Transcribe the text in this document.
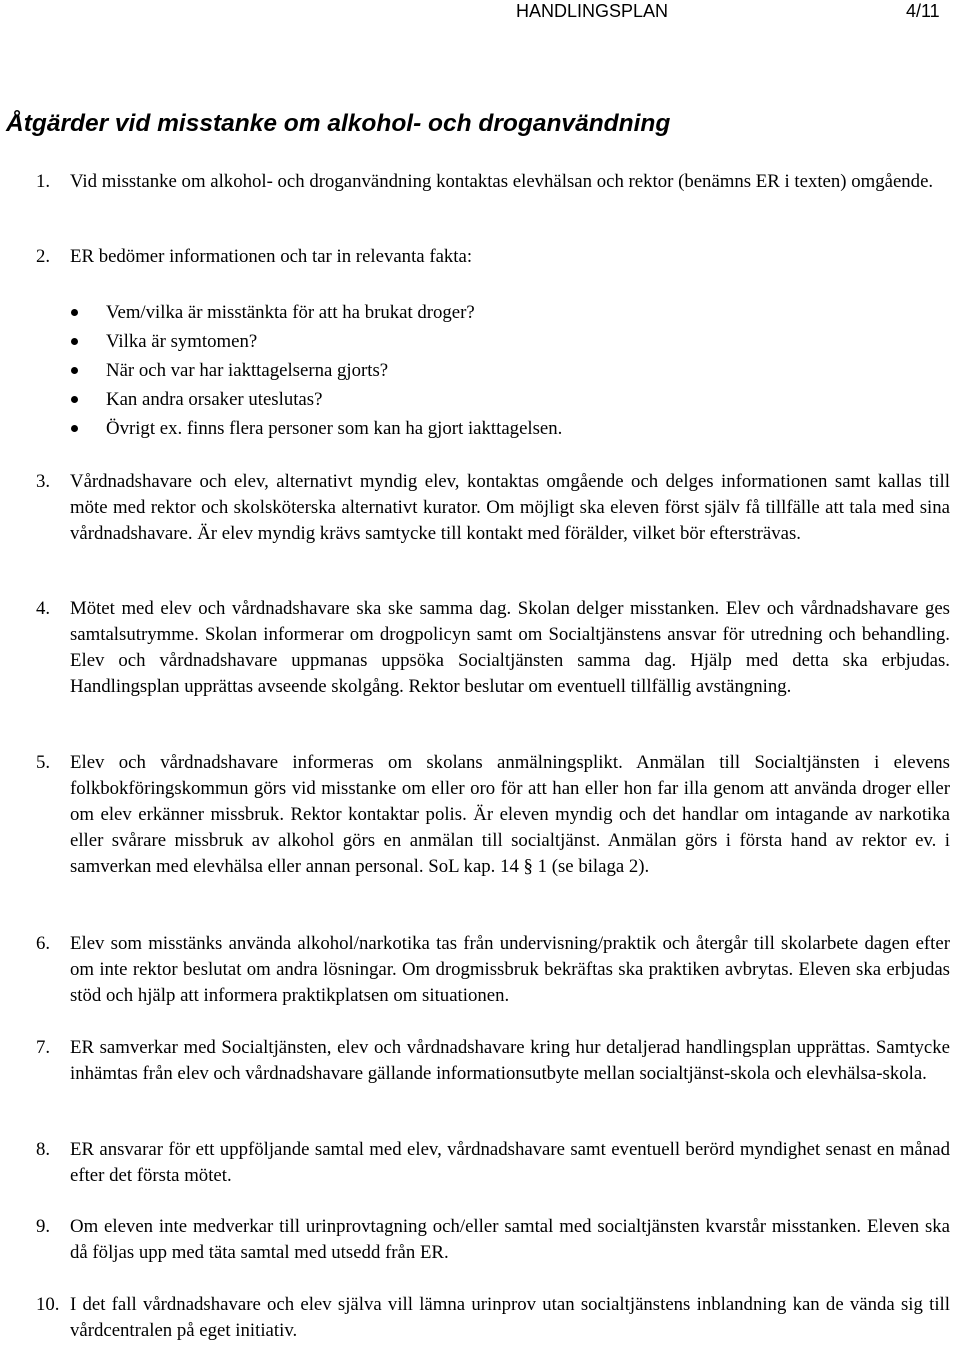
HANDLINGSPLAN	4/11
Åtgärder vid misstanke om alkohol- och droganvändning
1. Vid misstanke om alkohol- och droganvändning kontaktas elevhälsan och rektor (benämns ER i texten) omgående.
2. ER bedömer informationen och tar in relevanta fakta:
Vem/vilka är misstänkta för att ha brukat droger?
Vilka är symtomen?
När och var har iakttagelserna gjorts?
Kan andra orsaker uteslutas?
Övrigt ex. finns flera personer som kan ha gjort iakttagelsen.
3. Vårdnadshavare och elev, alternativt myndig elev, kontaktas omgående och delges informationen samt kallas till möte med rektor och skolsköterska alternativt kurator. Om möjligt ska eleven först själv få tillfälle att tala med sina vårdnadshavare. Är elev myndig krävs samtycke till kontakt med förälder, vilket bör eftersträvas.
4. Mötet med elev och vårdnadshavare ska ske samma dag. Skolan delger misstanken. Elev och vårdnadshavare ges samtalsutrymme. Skolan informerar om drogpolicyn samt om Socialtjänstens ansvar för utredning och behandling. Elev och vårdnadshavare uppmanas uppsöka Socialtjänsten samma dag. Hjälp med detta ska erbjudas. Handlingsplan upprättas avseende skolgång. Rektor beslutar om eventuell tillfällig avstängning.
5. Elev och vårdnadshavare informeras om skolans anmälningsplikt. Anmälan till Socialtjänsten i elevens folkbokföringskommun görs vid misstanke om eller oro för att han eller hon far illa genom att använda droger eller om elev erkänner missbruk. Rektor kontaktar polis. Är eleven myndig och det handlar om intagande av narkotika eller svårare missbruk av alkohol görs en anmälan till socialtjänst. Anmälan görs i första hand av rektor ev. i samverkan med elevhälsa eller annan personal. SoL kap. 14 § 1 (se bilaga 2).
6. Elev som misstänks använda alkohol/narkotika tas från undervisning/praktik och återgår till skolarbete dagen efter om inte rektor beslutat om andra lösningar. Om drogmissbruk bekräftas ska praktiken avbrytas. Eleven ska erbjudas stöd och hjälp att informera praktikplatsen om situationen.
7. ER samverkar med Socialtjänsten, elev och vårdnadshavare kring hur detaljerad handlingsplan upprättas. Samtycke inhämtas från elev och vårdnadshavare gällande informationsutbyte mellan socialtjänst-skola och elevhälsa-skola.
8. ER ansvarar för ett uppföljande samtal med elev, vårdnadshavare samt eventuell berörd myndighet senast en månad efter det första mötet.
9. Om eleven inte medverkar till urinprovtagning och/eller samtal med socialtjänsten kvarstår misstanken. Eleven ska då följas upp med täta samtal med utsedd från ER.
10. I det fall vårdnadshavare och elev själva vill lämna urinprov utan socialtjänstens inblandning kan de vända sig till vårdcentralen på eget initiativ.
